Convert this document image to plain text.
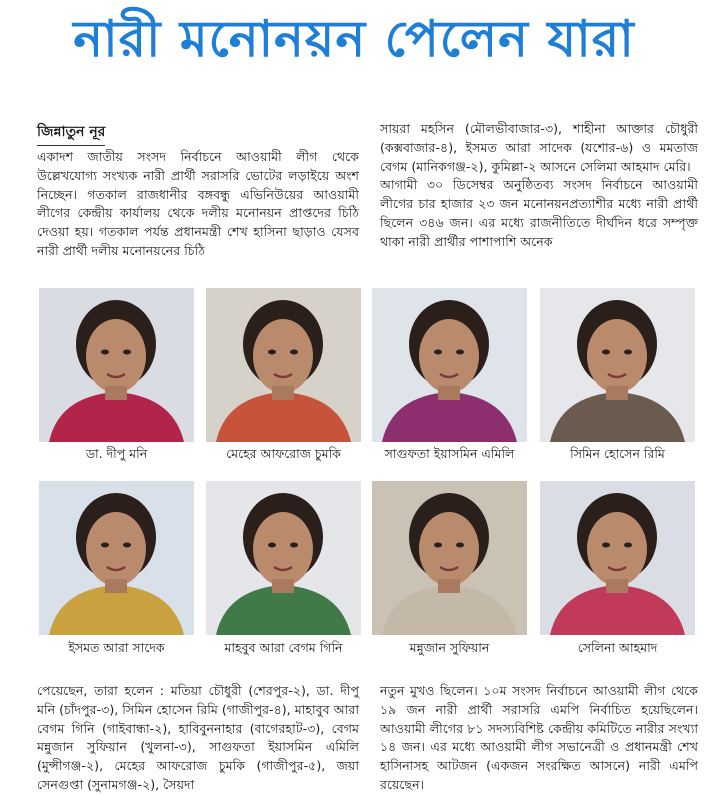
নারী মনোনয়ন পেলেন যারা
জিন্নাতুন নূর

একাদশ জাতীয় সংসদ নির্বাচনে আওয়ামী লীগ থেকে উল্লেখযোগ্য সংখ্যক নারী প্রার্থী সরাসরি ভোটের লড়াইয়ে অংশ নিচ্ছেন। গতকাল রাজধানীর বঙ্গবন্ধু এভিনিউয়ের আওয়ামী লীগের কেন্দ্রীয় কার্যালয় থেকে দলীয় মনোনয়ন প্রাপ্তদের চিঠি দেওয়া হয়। গতকাল পর্যন্ত প্রধানমন্ত্রী শেখ হাসিনা ছাড়াও যেসব নারী প্রার্থী দলীয় মনোনয়নের চিঠি

সায়রা মহসিন (মৌলভীবাজার-৩), শাহীনা আক্তার চৌধুরী (কক্সবাজার-৪), ইসমত আরা সাদেক (যশোর-৬) ও মমতাজ বেগম (মানিকগঞ্জ-২), কুমিল্লা-২ আসনে সেলিমা আহমাদ মেরি।

আগামী ৩০ ডিসেম্বর অনুষ্ঠিতব্য সংসদ নির্বাচনে আওয়ামী লীগের চার হাজার ২৩ জন মনোনয়নপ্রত্যাশীর মধ্যে নারী প্রার্থী ছিলেন ৩৪৬ জন। এর মধ্যে রাজনীতিতে দীর্ঘদিন ধরে সম্পৃক্ত থাকা নারী প্রার্থীর পাশাপাশি অনেক

ডা. দীপু মনি	মেহের আফরোজ চুমকি	সাগুফতা ইয়াসমিন এমিলি	সিমিন হোসেন রিমি
ইসমত আরা সাদেক	মাহবুব আরা বেগম গিনি	মন্নুজান সুফিয়ান	সেলিনা আহমাদ

পেয়েছেন, তারা হলেন : মতিয়া চৌধুরী (শেরপুর-২), ডা. দীপু মনি (চাঁদপুর-৩), সিমিন হোসেন রিমি (গাজীপুর-৪), মাহাবুব আরা বেগম গিনি (গাইবান্ধা-২), হাবিবুননাহার (বাগেরহাট-৩), বেগম মন্নুজান সুফিয়ান (খুলনা-৩), সাগুফতা ইয়াসমিন এমিলি (মুন্সীগঞ্জ-২), মেহের আফরোজ চুমকি (গাজীপুর-৫), জয়া সেনগুপ্তা (সুনামগঞ্জ-২), সৈয়দা

নতুন মুখও ছিলেন। ১০ম সংসদ নির্বাচনে আওয়ামী লীগ থেকে ১৯ জন নারী প্রার্থী সরাসরি এমপি নির্বাচিত হয়েছিলেন। আওয়ামী লীগের ৮১ সদস্যবিশিষ্ট কেন্দ্রীয় কমিটিতে নারীর সংখ্যা ১৪ জন। এর মধ্যে আওয়ামী লীগ সভানেত্রী ও প্রধানমন্ত্রী শেখ হাসিনাসহ আটজন (একজন সংরক্ষিত আসনে) নারী এমপি রয়েছেন।
